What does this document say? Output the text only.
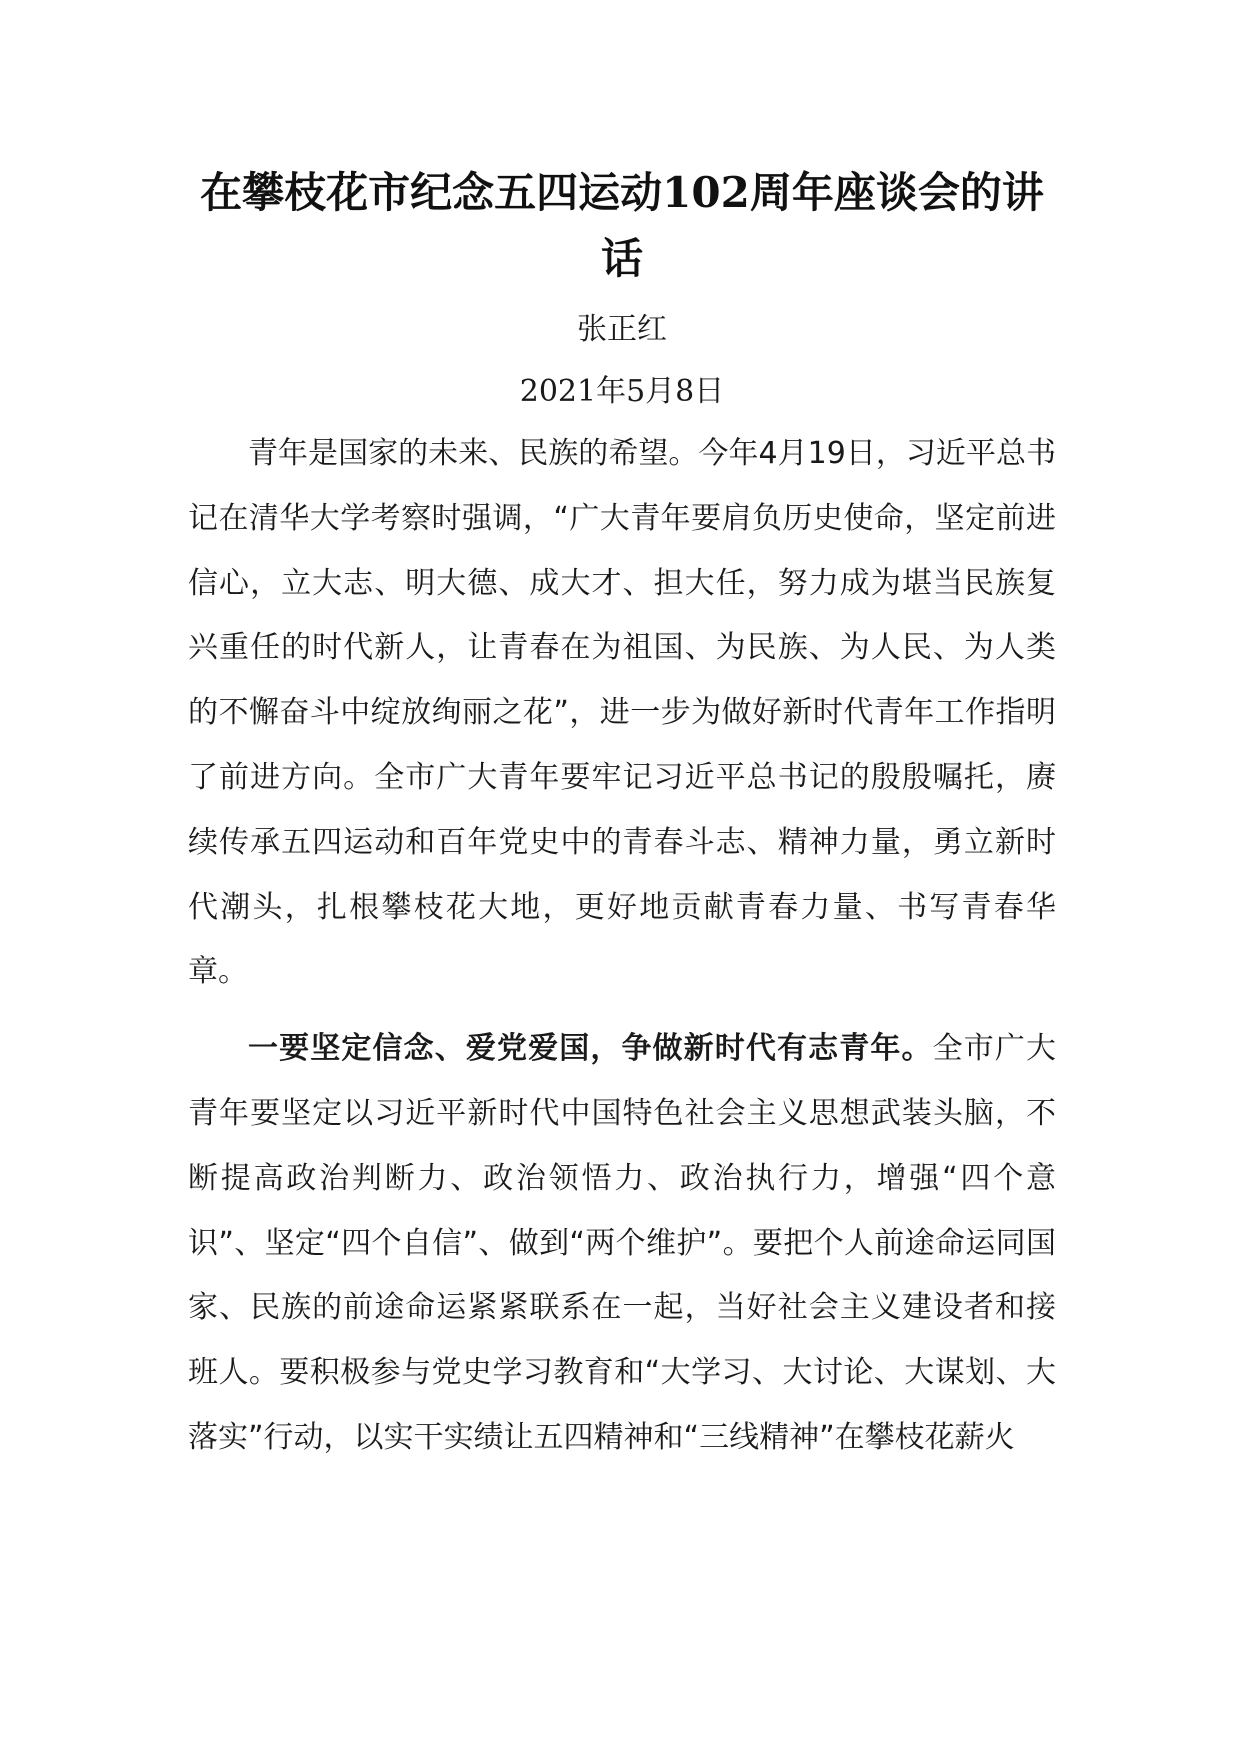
在攀枝花市纪念五四运动102周年座谈会的讲话
张正红
2021年5月8日

青年是国家的未来、民族的希望。今年4月19日，习近平总书记在清华大学考察时强调，“广大青年要肩负历史使命，坚定前进信心，立大志、明大德、成大才、担大任，努力成为堪当民族复兴重任的时代新人，让青春在为祖国、为民族、为人民、为人类的不懈奋斗中绽放绚丽之花”，进一步为做好新时代青年工作指明了前进方向。全市广大青年要牢记习近平总书记的殷殷嘱托，赓续传承五四运动和百年党史中的青春斗志、精神力量，勇立新时代潮头，扎根攀枝花大地，更好地贡献青春力量、书写青春华章。

一要坚定信念、爱党爱国，争做新时代有志青年。全市广大青年要坚定以习近平新时代中国特色社会主义思想武装头脑，不断提高政治判断力、政治领悟力、政治执行力，增强“四个意识”、坚定“四个自信”、做到“两个维护”。要把个人前途命运同国家、民族的前途命运紧紧联系在一起，当好社会主义建设者和接班人。要积极参与党史学习教育和“大学习、大讨论、大谋划、大落实”行动，以实干实绩让五四精神和“三线精神”在攀枝花薪火
